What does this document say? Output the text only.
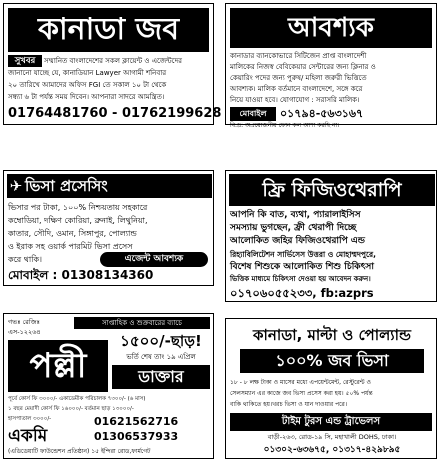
কানাডা জব
সুখবর	সম্মানিত বাংলাদেশের সকল ক্লায়েন্ট ও এজেন্টদের
জানানো যাচ্ছে যে, কানাডিয়ান Lawyer আগামী শনিবার
২০ তারিখে আমাদের অফিস FGI তে সকাল ১০ টা থেকে
সন্ধ্যা ৬ টা পর্যন্ত সময় দিবেন। আপনারা সাদরে আমন্ত্রিত।
01764481760 - 01762199628
আবশ্যক
কানাডার ব্যানকোভারে সিটিজেন প্রাপ্ত বাংলাদেশী
মালিকের নিজস্ব বেবিকেয়ার সেন্টারের জন্য ক্লিনার ও
কেয়ারিং পদের জন্য পুরুষ/ মহিলা জরুরী ভিত্তিতে
আবশ্যক। মালিক বর্তমানে বাংলাদেশে, সঙ্গে করে
নিয়ে যাওয়া হবে। যোগাযোগ : সরাসরি মালিক।
মোবাইল	০১৭৯৪-৫৬৩১৬৭
বি:দ্র: অপ্রয়োজনীয় ফোন কল আশা করছি না।
✈ ভিসা প্রসেসিং
ভিসার পর টাকা, ১০০% নিশ্চয়তায় সহকারে
কম্বোডিয়া, দক্ষিণ কোরিয়া, ব্রুনাই, লিথুনিয়া,
কাতার, সৌদি, ওমান, সিঙ্গাপুর, পোল্যান্ড
ও ইরাক সহ ওয়ার্ক পারমিট ভিসা প্রসেস
করে থাকি।	এজেন্ট আবশ্যক
মোবাইল : 01308134360
ফ্রি ফিজিওথেরাপি
আপনি কি বাত, ব্যথা, প্যারালাইসিস
সমস্যায় ভুগছেন, ফ্রী থেরাপী দিচ্ছে
আলোকিত জহির ফিজিওথেরাপি এন্ড
রিহ্যাবিলিটেশন সার্ভিসেস উত্তরা ও মোহাম্মদপুরে,
বিশেষ শিশুকে আলোকিত শিশু চিকিৎসা
ভিত্তিক মাধ্যমে চিকিৎসা দেওয়া হয় আবেদন করুন।
০১৭০৬০৫৫২৩৩, fb:azprs
গভঃ রেজিঃ
এস-১২২৬৪
পল্লী
সাপ্তাহিক ও শুক্রবারের ব্যাচে
১৫০০/-ছাড়!
ভর্তি শেষ তাং ১৯ এপ্রিল
ডাক্তার
পূর্বে কোর্স ফি ৩০০০/- একাডেমীক পরিচালক ৭৩০০/- (৬ মাস)
১ বছর মেয়াদী কোর্স ফি ১৬০০০/- বর্তমান ছাড় ১৩০০০/-
হাসপাতাল ৩০০০/-	01621562716
একমি	01306537933
(এডিডেয়াটি ফাউন্ডেশন প্রতিষ্ঠান) ১৫ ইন্দিরা রোড,ফার্মগেট
কানাডা, মাল্টা ও পোল্যান্ড
১০০% জব ভিসা
১৮ - ৮ লক্ষ টাকা ও মাসের মধ্যে এপয়েন্টমেন্ট, রেস্টুরেন্ট ও
সেলসম্যান এর কাজে জব ভিসা প্রসেস করা হয়। ৫০% পর্যন্ত
বাকি থাকিতে হয়।খরচ ভিসা ও যান দাওয়ার পরে।
টাইম টুরস এন্ড ট্রাভেলস
বাড়ী-২৬৩, রোড-১৯ সি, মহাখালী DOHS, ঢাকা।
০১৩০২-৬৩৬৭৫, ০১৩১৭-৪২৯৮৯৫
